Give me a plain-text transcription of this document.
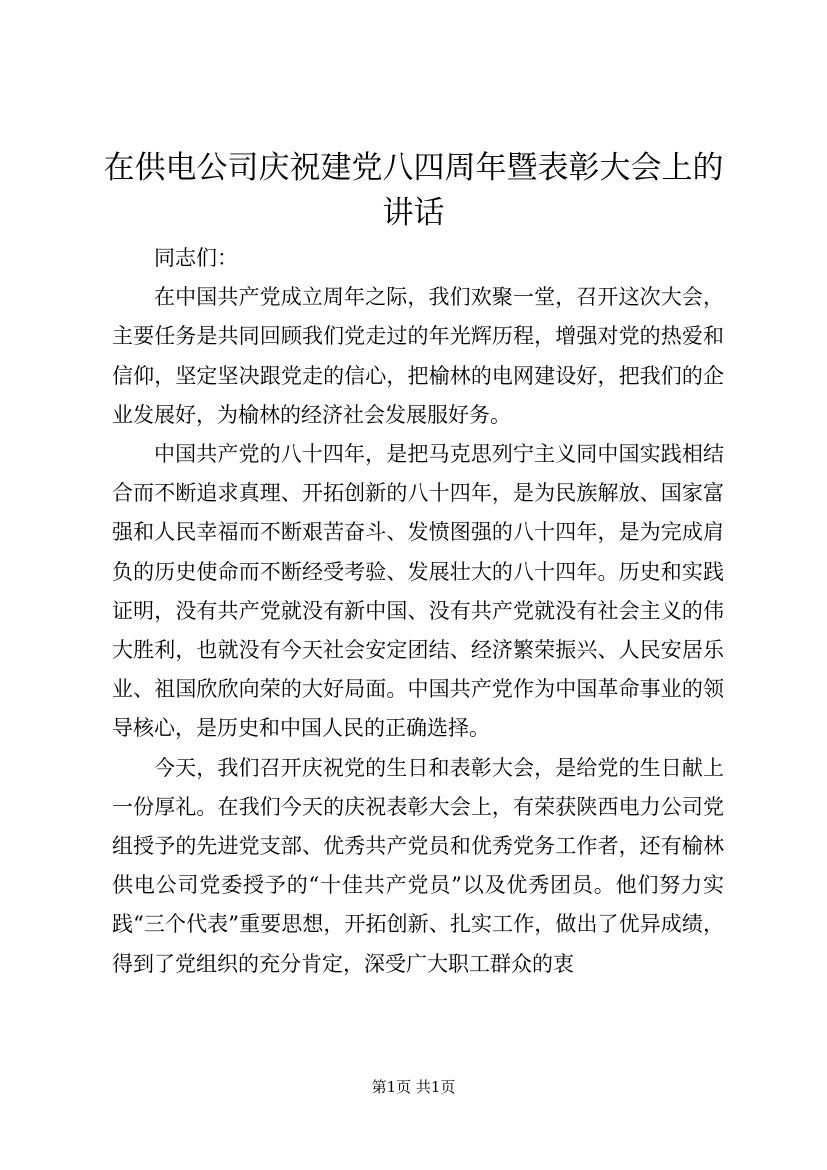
在供电公司庆祝建党八四周年暨表彰大会上的讲话

同志们：

在中国共产党成立周年之际，我们欢聚一堂，召开这次大会，主要任务是共同回顾我们党走过的年光辉历程，增强对党的热爱和信仰，坚定坚决跟党走的信心，把榆林的电网建设好，把我们的企业发展好，为榆林的经济社会发展服好务。

中国共产党的八十四年，是把马克思列宁主义同中国实践相结合而不断追求真理、开拓创新的八十四年，是为民族解放、国家富强和人民幸福而不断艰苦奋斗、发愤图强的八十四年，是为完成肩负的历史使命而不断经受考验、发展壮大的八十四年。历史和实践证明，没有共产党就没有新中国、没有共产党就没有社会主义的伟大胜利，也就没有今天社会安定团结、经济繁荣振兴、人民安居乐业、祖国欣欣向荣的大好局面。中国共产党作为中国革命事业的领导核心，是历史和中国人民的正确选择。

今天，我们召开庆祝党的生日和表彰大会，是给党的生日献上一份厚礼。在我们今天的庆祝表彰大会上，有荣获陕西电力公司党组授予的先进党支部、优秀共产党员和优秀党务工作者，还有榆林供电公司党委授予的“十佳共产党员”以及优秀团员。他们努力实践“三个代表”重要思想，开拓创新、扎实工作，做出了优异成绩，得到了党组织的充分肯定，深受广大职工群众的衷

第1页 共1页
